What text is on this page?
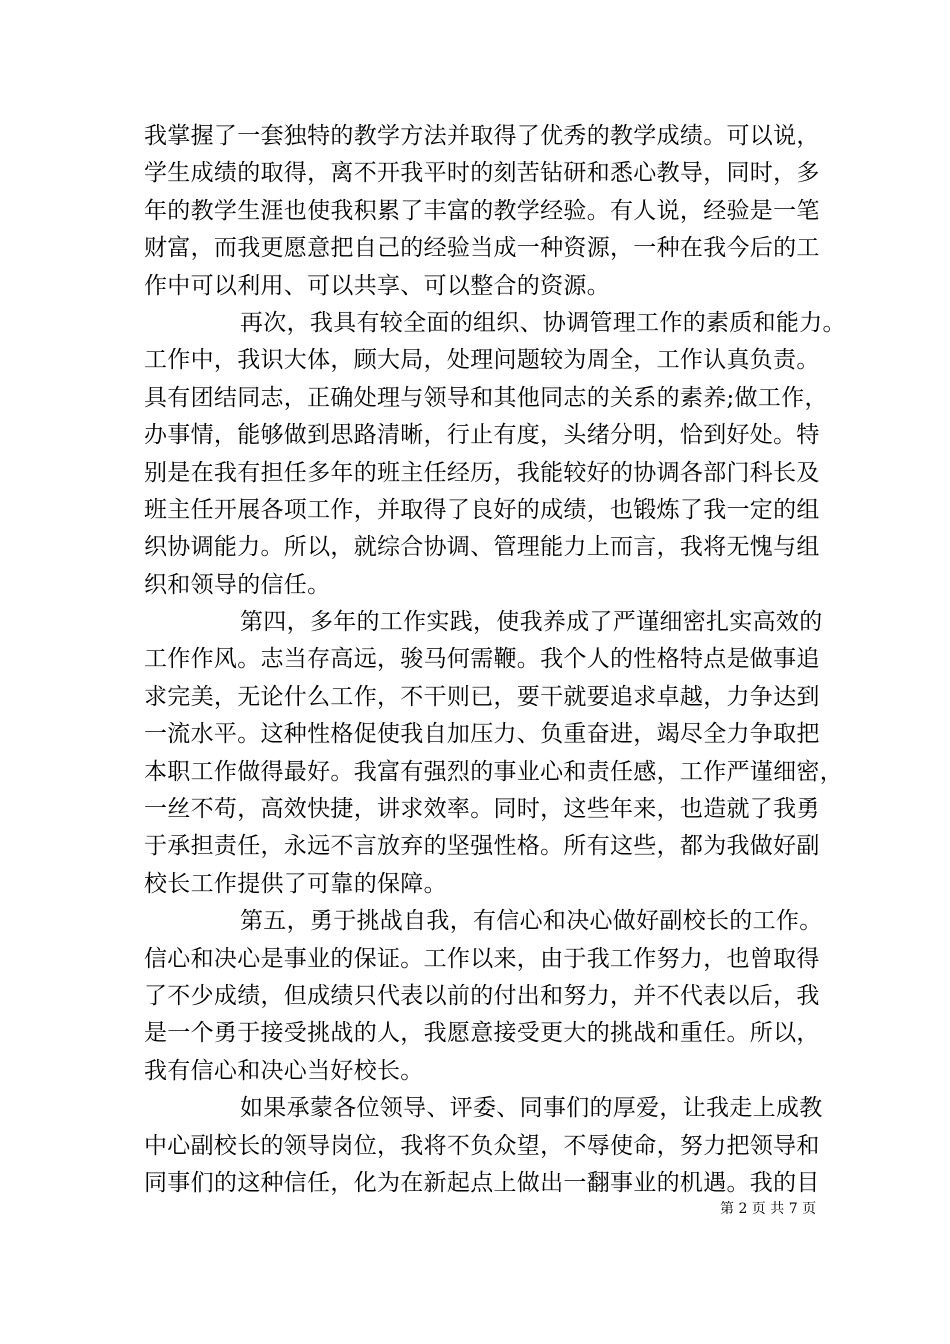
我掌握了一套独特的教学方法并取得了优秀的教学成绩。可以说，
学生成绩的取得，离不开我平时的刻苦钻研和悉心教导，同时，多
年的教学生涯也使我积累了丰富的教学经验。有人说，经验是一笔
财富，而我更愿意把自己的经验当成一种资源，一种在我今后的工
作中可以利用、可以共享、可以整合的资源。
再次，我具有较全面的组织、协调管理工作的素质和能力。
工作中，我识大体，顾大局，处理问题较为周全，工作认真负责。
具有团结同志，正确处理与领导和其他同志的关系的素养;做工作，
办事情，能够做到思路清晰，行止有度，头绪分明，恰到好处。特
别是在我有担任多年的班主任经历，我能较好的协调各部门科长及
班主任开展各项工作，并取得了良好的成绩，也锻炼了我一定的组
织协调能力。所以，就综合协调、管理能力上而言，我将无愧与组
织和领导的信任。
第四，多年的工作实践，使我养成了严谨细密扎实高效的
工作作风。志当存高远，骏马何需鞭。我个人的性格特点是做事追
求完美，无论什么工作，不干则已，要干就要追求卓越，力争达到
一流水平。这种性格促使我自加压力、负重奋进，竭尽全力争取把
本职工作做得最好。我富有强烈的事业心和责任感，工作严谨细密，
一丝不苟，高效快捷，讲求效率。同时，这些年来，也造就了我勇
于承担责任，永远不言放弃的坚强性格。所有这些，都为我做好副
校长工作提供了可靠的保障。
第五，勇于挑战自我，有信心和决心做好副校长的工作。
信心和决心是事业的保证。工作以来，由于我工作努力，也曾取得
了不少成绩，但成绩只代表以前的付出和努力，并不代表以后，我
是一个勇于接受挑战的人，我愿意接受更大的挑战和重任。所以，
我有信心和决心当好校长。
如果承蒙各位领导、评委、同事们的厚爱，让我走上成教
中心副校长的领导岗位，我将不负众望，不辱使命，努力把领导和
同事们的这种信任，化为在新起点上做出一翻事业的机遇。我的目
第 2 页 共 7 页
